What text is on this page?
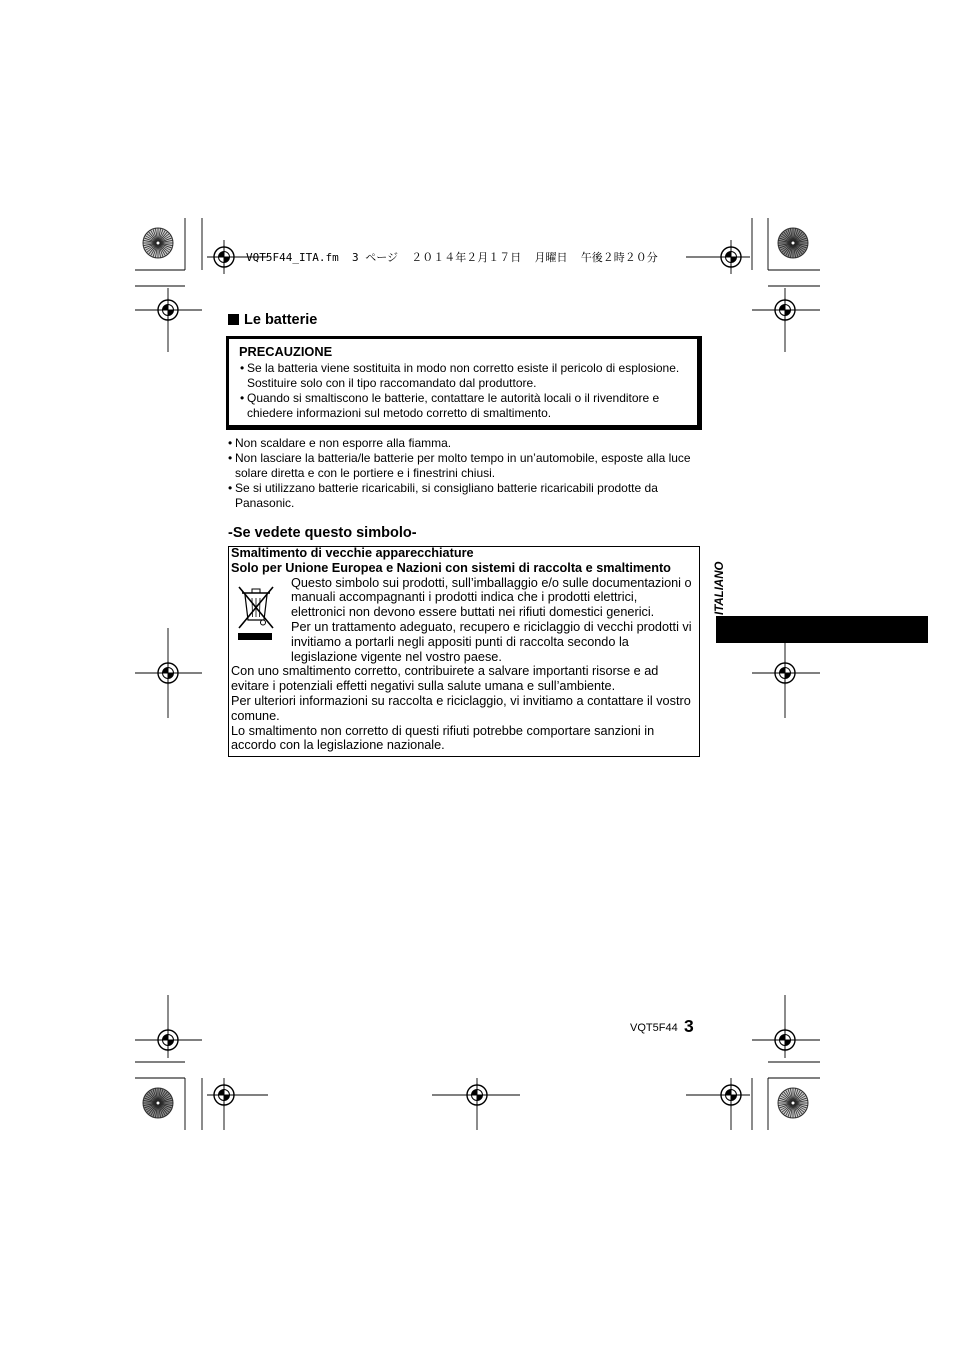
VQT5F44_ITA.fm  3 ページ  ２０１４年２月１７日  月曜日  午後２時２０分
Le batterie
PRECAUZIONE
• Se la batteria viene sostituita in modo non corretto esiste il pericolo di esplosione.
Sostituire solo con il tipo raccomandato dal produttore.
• Quando si smaltiscono le batterie, contattare le autorità locali o il rivenditore e
chiedere informazioni sul metodo corretto di smaltimento.
• Non scaldare e non esporre alla fiamma.
• Non lasciare la batteria/le batterie per molto tempo in un’automobile, esposte alla luce
solare diretta e con le portiere e i finestrini chiusi.
• Se si utilizzano batterie ricaricabili, si consigliano batterie ricaricabili prodotte da
Panasonic.
-Se vedete questo simbolo-
Smaltimento di vecchie apparecchiature
Solo per Unione Europea e Nazioni con sistemi di raccolta e smaltimento
Questo simbolo sui prodotti, sull’imballaggio e/o sulle documentazioni o
manuali accompagnanti i prodotti indica che i prodotti elettrici,
elettronici non devono essere buttati nei rifiuti domestici generici.
Per un trattamento adeguato, recupero e riciclaggio di vecchi prodotti vi
invitiamo a portarli negli appositi punti di raccolta secondo la
legislazione vigente nel vostro paese.
Con uno smaltimento corretto, contribuirete a salvare importanti risorse e ad
evitare i potenziali effetti negativi sulla salute umana e sull’ambiente.
Per ulteriori informazioni su raccolta e riciclaggio, vi invitiamo a contattare il vostro
comune.
Lo smaltimento non corretto di questi rifiuti potrebbe comportare sanzioni in
accordo con la legislazione nazionale.
ITALIANO
VQT5F44 3
